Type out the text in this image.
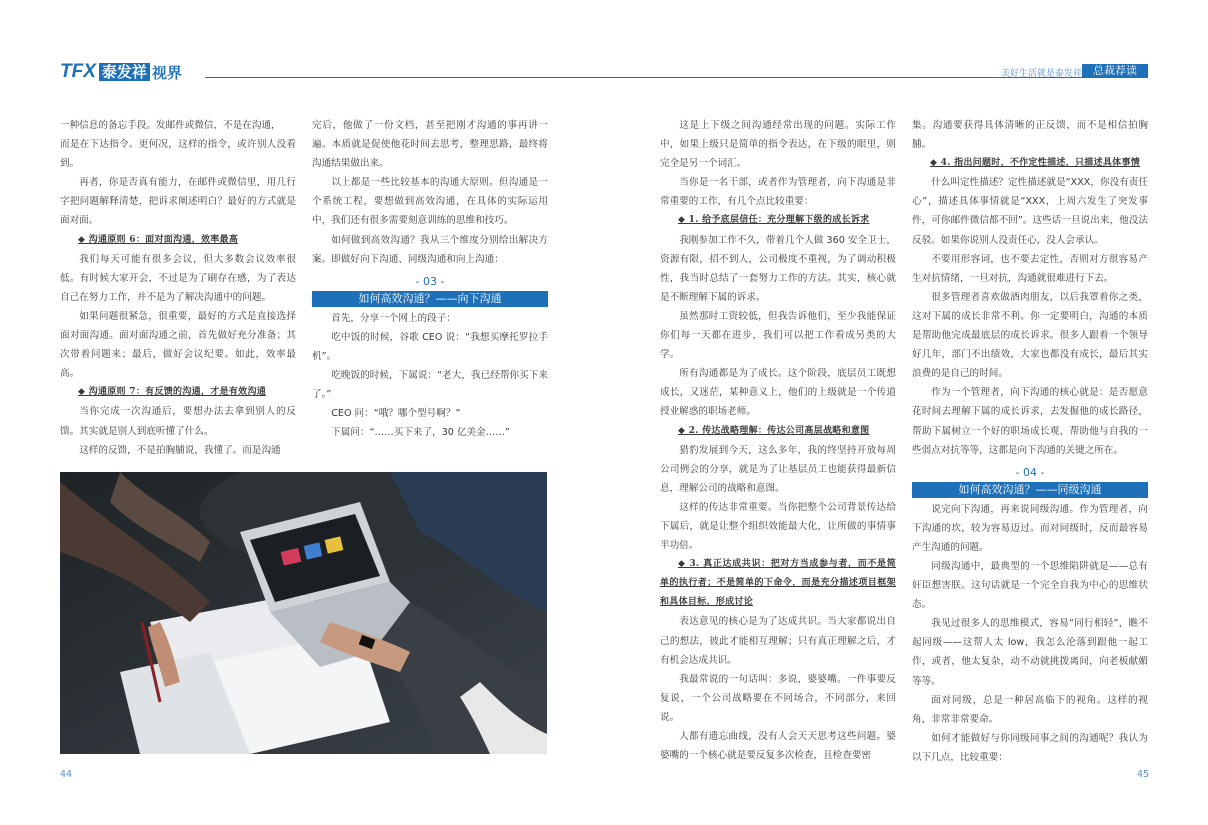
TFX 泰发祥 视界	美好生活就是泰发祥 总裁荐读

一种信息的备忘手段。发邮件或微信，不是在沟通，

而是在下达指令。更何况，这样的指令，或许别人没看到。

再者，你是否真有能力，在邮件或微信里，用几行字把问题解释清楚，把诉求阐述明白？最好的方式就是面对面。

◆ 沟通原则 6：面对面沟通，效率最高

我们每天可能有很多会议，但大多数会议效率很低。有时候大家开会，不过是为了刷存在感，为了表达自己在努力工作，并不是为了解决沟通中的问题。

如果问题很紧急，很重要，最好的方式是直接选择面对面沟通。面对面沟通之前，首先做好充分准备；其次带着问题来；最后，做好会议纪要。如此，效率最高。

◆ 沟通原则 7：有反馈的沟通，才是有效沟通

当你完成一次沟通后，要想办法去拿到别人的反馈。其实就是别人到底听懂了什么。

这样的反馈，不是拍胸脯说，我懂了。而是沟通

完后，他做了一份文档，甚至把刚才沟通的事再讲一遍。本质就是促使他花时间去思考，整理思路，最终将沟通结果做出来。

以上都是一些比较基本的沟通大原则。但沟通是一个系统工程，要想做到高效沟通，在具体的实际运用中，我们还有很多需要刻意训练的思维和技巧。

如何做到高效沟通？我从三个维度分别给出解决方案。即做好向下沟通、同级沟通和向上沟通：

- 03 -
如何高效沟通？——向下沟通

首先，分享一个网上的段子：

吃中饭的时候，谷歌 CEO 说：“我想买摩托罗拉手机”。

吃晚饭的时候，下属说：“老大，我已经帮你买下来了。”

CEO 问：“哦？哪个型号啊？”

下属问：“……买下来了，30 亿美金……”

这是上下级之间沟通经常出现的问题。实际工作中，如果上级只是简单的指令表达，在下级的眼里，则完全是另一个词汇。

当你是一名干部，或者作为管理者，向下沟通是非常重要的工作，有几个点比较重要：

◆ 1. 给予底层信任：充分理解下级的成长诉求

我刚参加工作不久，带着几个人做 360 安全卫士，资源有限，招不到人，公司极度不重视，为了调动积极性，我当时总结了一套努力工作的方法。其实，核心就是不断理解下属的诉求。

虽然那时工资较低，但我告诉他们，至少我能保证你们每一天都在进步，我们可以把工作看成另类的大学。

所有沟通都是为了成长。这个阶段，底层员工既想成长，又迷茫，某种意义上，他们的上级就是一个传道授业解惑的职场老师。

◆ 2. 传达战略理解：传达公司高层战略和意图

猎豹发展到今天，这么多年，我的终坚持开放每周公司例会的分享，就是为了让基层员工也能获得最新信息，理解公司的战略和意图。

这样的传达非常重要。当你把整个公司背景传达给下属后，就是让整个组织效能最大化，让所做的事情事半功倍。

◆ 3. 真正达成共识：把对方当成参与者，而不是简单的执行者；不是简单的下命令，而是充分描述项目框架和具体目标，形成讨论

表达意见的核心是为了达成共识。当大家都说出自己的想法，彼此才能相互理解；只有真正理解之后，才有机会达成共识。

我最常说的一句话叫：多说，婆婆嘴。一件事要反复说，一个公司战略要在不同场合，不同部分，来回说。

人都有遗忘曲线，没有人会天天思考这些问题。婆婆嘴的一个核心就是要反复多次检查，且检查要密

集。沟通要获得具体清晰的正反馈，而不是相信拍胸脯。

◆ 4. 指出问题时，不作定性描述，只描述具体事情

什么叫定性描述？定性描述就是“XXX，你没有责任心”，描述具体事情就是“XXX，上周六发生了突发事件，可你邮件微信都不回”。这些话一旦说出来，他没法反驳。如果你说别人没责任心，没人会承认。

不要用形容词，也不要去定性，否则对方很容易产生对抗情绪，一旦对抗，沟通就很难进行下去。

很多管理者喜欢做酒肉朋友，以后我罩着你之类，这对下属的成长非常不利。你一定要明白，沟通的本质是帮助他完成最底层的成长诉求。很多人跟着一个领导好几年，部门不出绩效，大家也都没有成长，最后其实浪费的是自己的时间。

作为一个管理者，向下沟通的核心就是：是否愿意花时间去理解下属的成长诉求，去发掘他的成长路径，帮助下属树立一个好的职场成长观，帮助他与自我的一些弱点对抗等等，这都是向下沟通的关键之所在。

- 04 -
如何高效沟通？——同级沟通

说完向下沟通，再来说同级沟通。作为管理者，向下沟通的坎，较为容易迈过。而对同级时，反而最容易产生沟通的问题。

同级沟通中，最典型的一个思维陷阱就是——总有奸臣想害朕。这句话就是一个完全自我为中心的思维状态。

我见过很多人的思维模式，容易“同行相轻”，瞧不起同级——这帮人太 low，我怎么沦落到跟他一起工作，或者，他太复杂，动不动就挑拨离间，向老板献媚等等。

面对同级，总是一种居高临下的视角。这样的视角，非常非常要命。

如何才能做好与你同级同事之间的沟通呢？我认为以下几点，比较重要：

44	45
